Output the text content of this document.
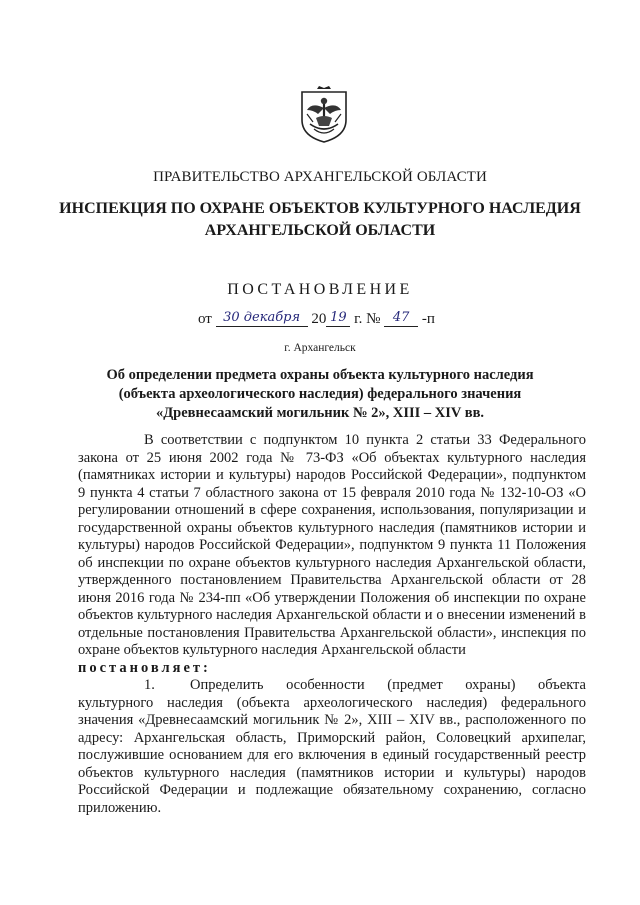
ПРАВИТЕЛЬСТВО АРХАНГЕЛЬСКОЙ ОБЛАСТИ
ИНСПЕКЦИЯ ПО ОХРАНЕ ОБЪЕКТОВ КУЛЬТУРНОГО НАСЛЕДИЯ
АРХАНГЕЛЬСКОЙ ОБЛАСТИ
ПОСТАНОВЛЕНИЕ
от 30 декабря 20 19 г. № 47 -п
г. Архангельск
Об определении предмета охраны объекта культурного наследия
(объекта археологического наследия) федерального значения
«Древнесаамский могильник № 2», XIII – XIV вв.

В соответствии с подпунктом 10 пункта 2 статьи 33 Федерального закона от 25 июня 2002 года № 73-ФЗ «Об объектах культурного наследия (памятниках истории и культуры) народов Российской Федерации», подпунктом 9 пункта 4 статьи 7 областного закона от 15 февраля 2010 года № 132-10-ОЗ «О регулировании отношений в сфере сохранения, использования, популяризации и государственной охраны объектов культурного наследия (памятников истории и культуры) народов Российской Федерации», подпунктом 9 пункта 11 Положения об инспекции по охране объектов культурного наследия Архангельской области, утвержденного постановлением Правительства Архангельской области от 28 июня 2016 года № 234-пп «Об утверждении Положения об инспекции по охране объектов культурного наследия Архангельской области и о внесении изменений в отдельные постановления Правительства Архангельской области», инспекция по охране объектов культурного наследия Архангельской области

постановляет:

1. Определить особенности (предмет охраны) объекта культурного наследия (объекта археологического наследия) федерального значения «Древнесаамский могильник № 2», XIII – XIV вв., расположенного по адресу: Архангельская область, Приморский район, Соловецкий архипелаг, послужившие основанием для его включения в единый государственный реестр объектов культурного наследия (памятников истории и культуры) народов Российской Федерации и подлежащие обязательному сохранению, согласно приложению.
